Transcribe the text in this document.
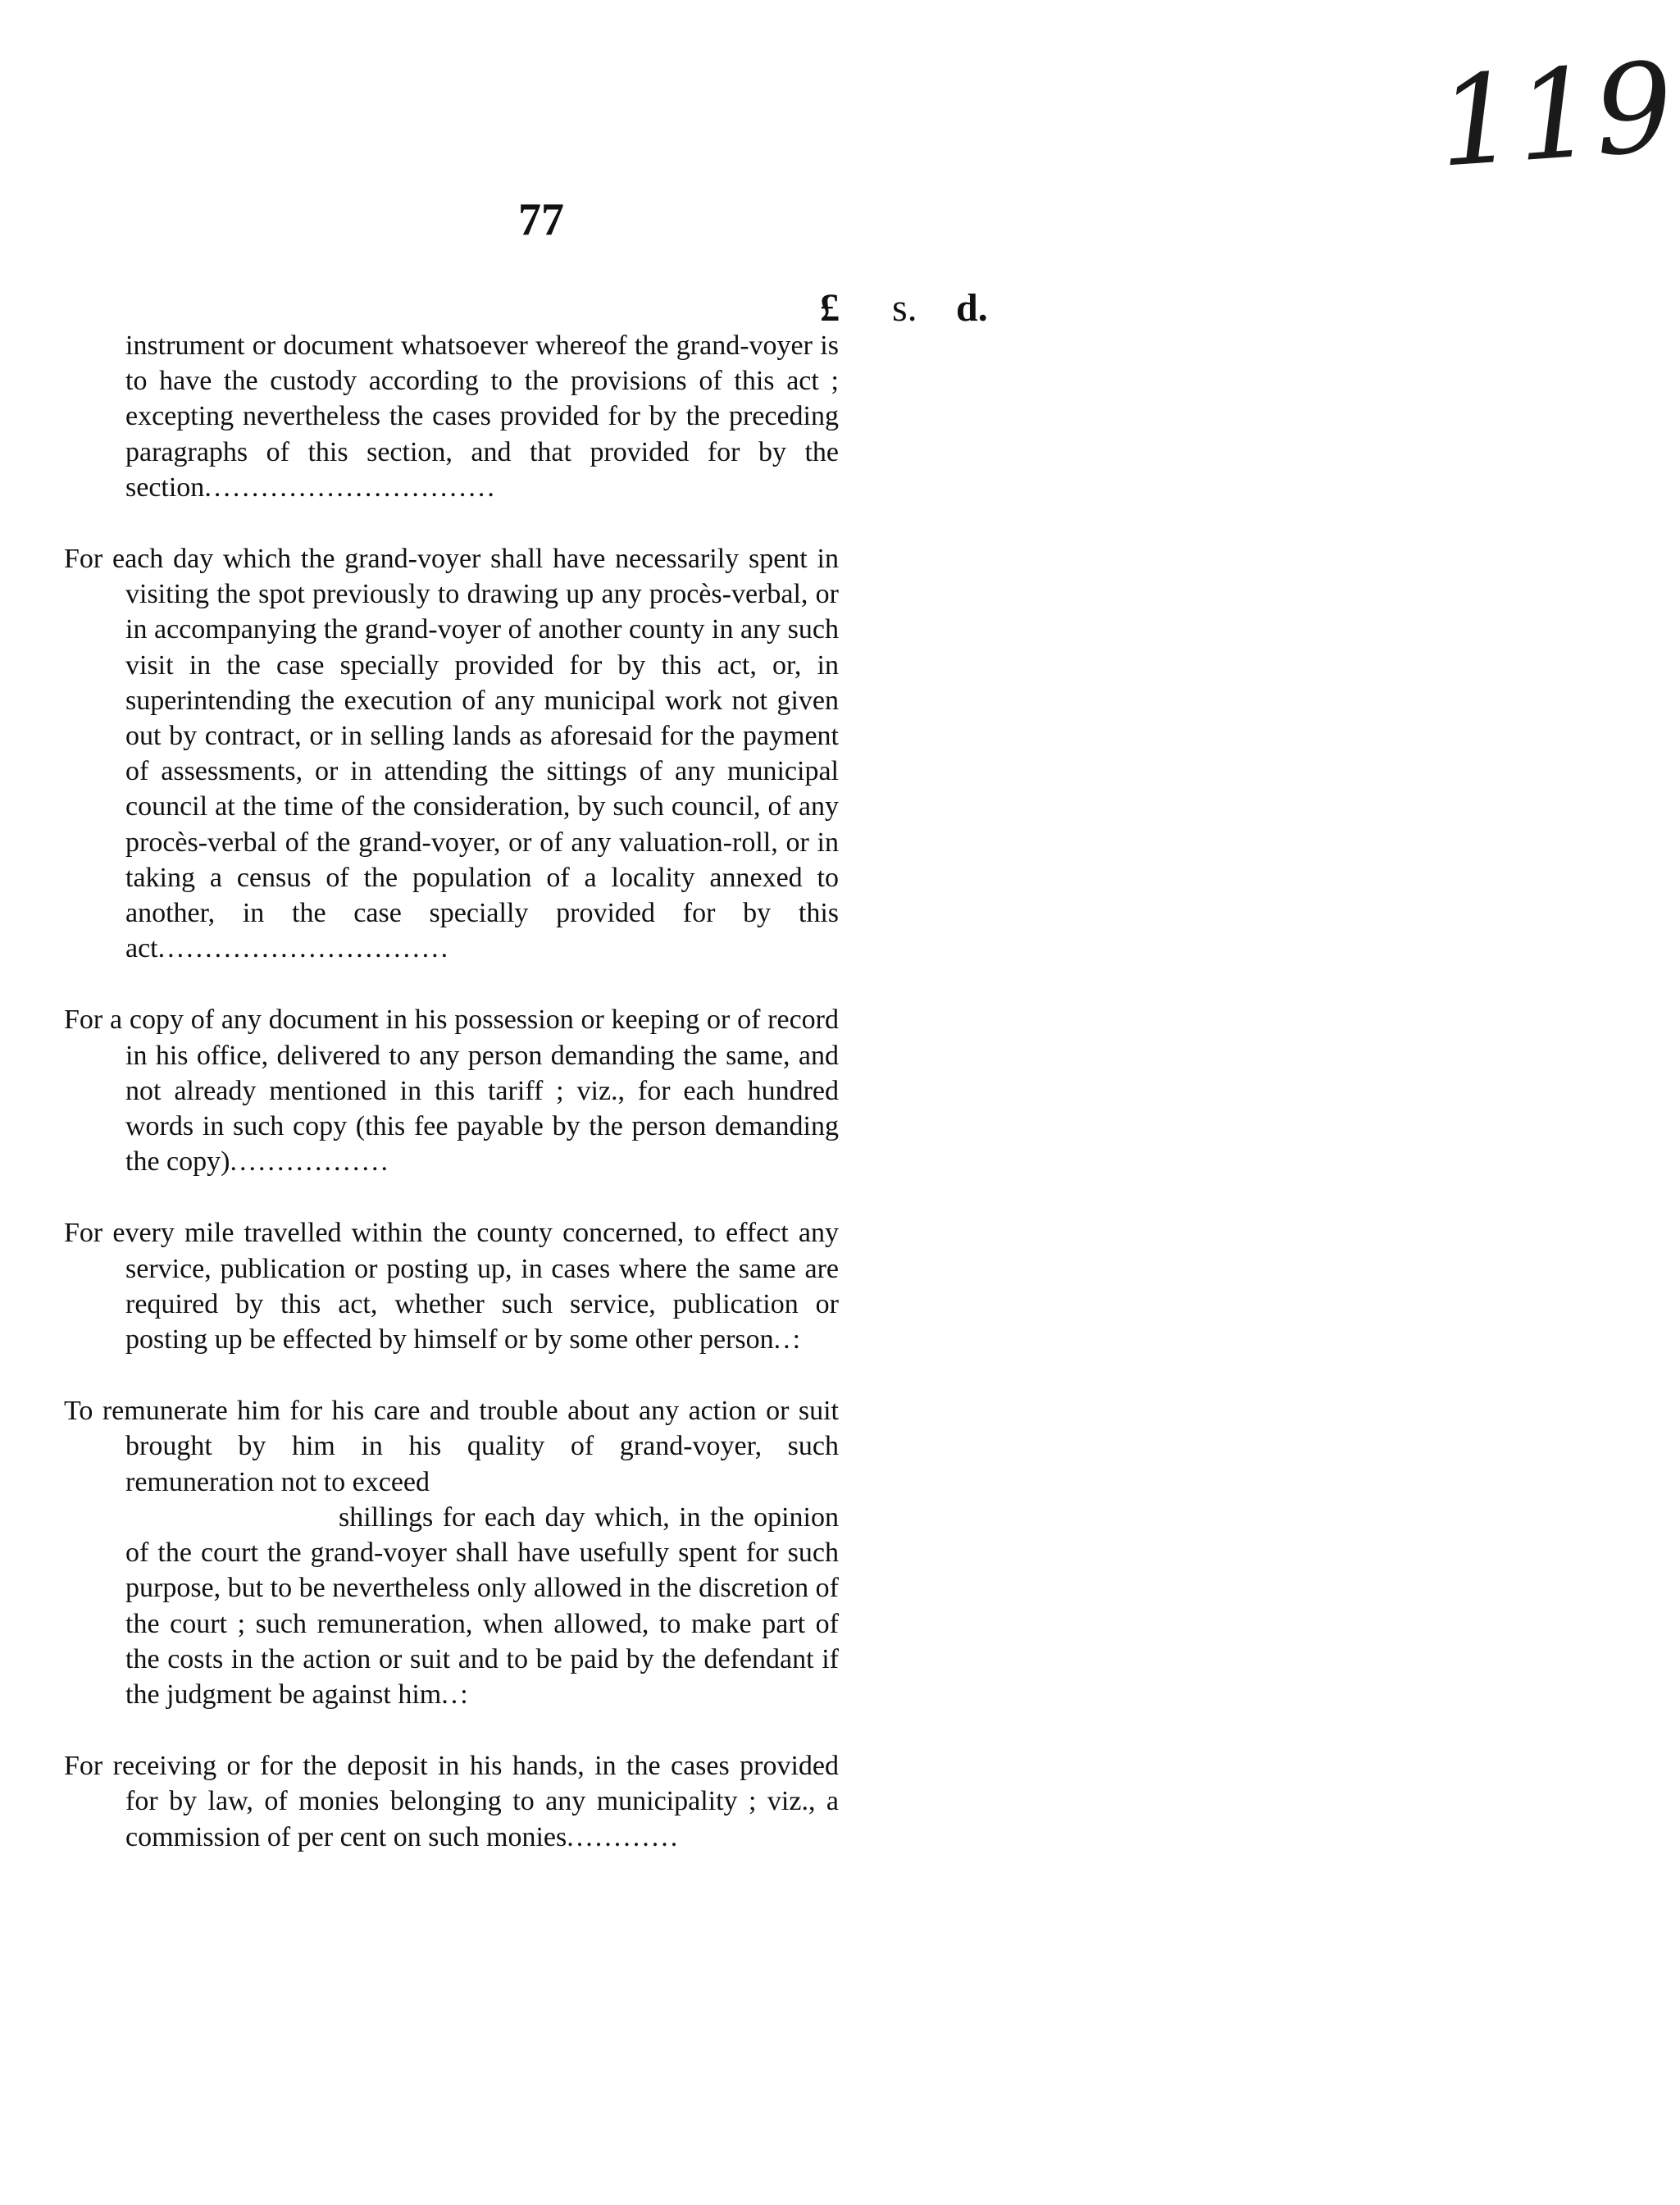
119
77
£ s. d.

instrument or document whatsoever whereof the grand-voyer is to have the custody according to the provisions of this act ; excepting nevertheless the cases provided for by the preceding paragraphs of this section, and that provided for by the section...............................

For each day which the grand-voyer shall have necessarily spent in visiting the spot previously to drawing up any procès-verbal, or in accompanying the grand-voyer of another county in any such visit in the case specially provided for by this act, or, in superintending the execution of any municipal work not given out by contract, or in selling lands as aforesaid for the payment of assessments, or in attending the sittings of any municipal council at the time of the consideration, by such council, of any procès-verbal of the grand-voyer, or of any valuation-roll, or in taking a census of the population of a locality annexed to another, in the case specially provided for by this act...............................

For a copy of any document in his possession or keeping or of record in his office, delivered to any person demanding the same, and not already mentioned in this tariff ; viz., for each hundred words in such copy (this fee payable by the person demanding the copy).................

For every mile travelled within the county concerned, to effect any service, publication or posting up, in cases where the same are required by this act, whether such service, publication or posting up be effected by himself or by some other person..:

To remunerate him for his care and trouble about any action or suit brought by him in his quality of grand-voyer, such remuneration not to exceed
shillings for each day which, in the opinion of the court the grand-voyer shall have usefully spent for such purpose, but to be nevertheless only allowed in the discretion of the court ; such remuneration, when allowed, to make part of the costs in the action or suit and to be paid by the defendant if the judgment be against him..:

For receiving or for the deposit in his hands, in the cases provided for by law, of monies belonging to any municipality ; viz., a commission of per cent on such monies............
